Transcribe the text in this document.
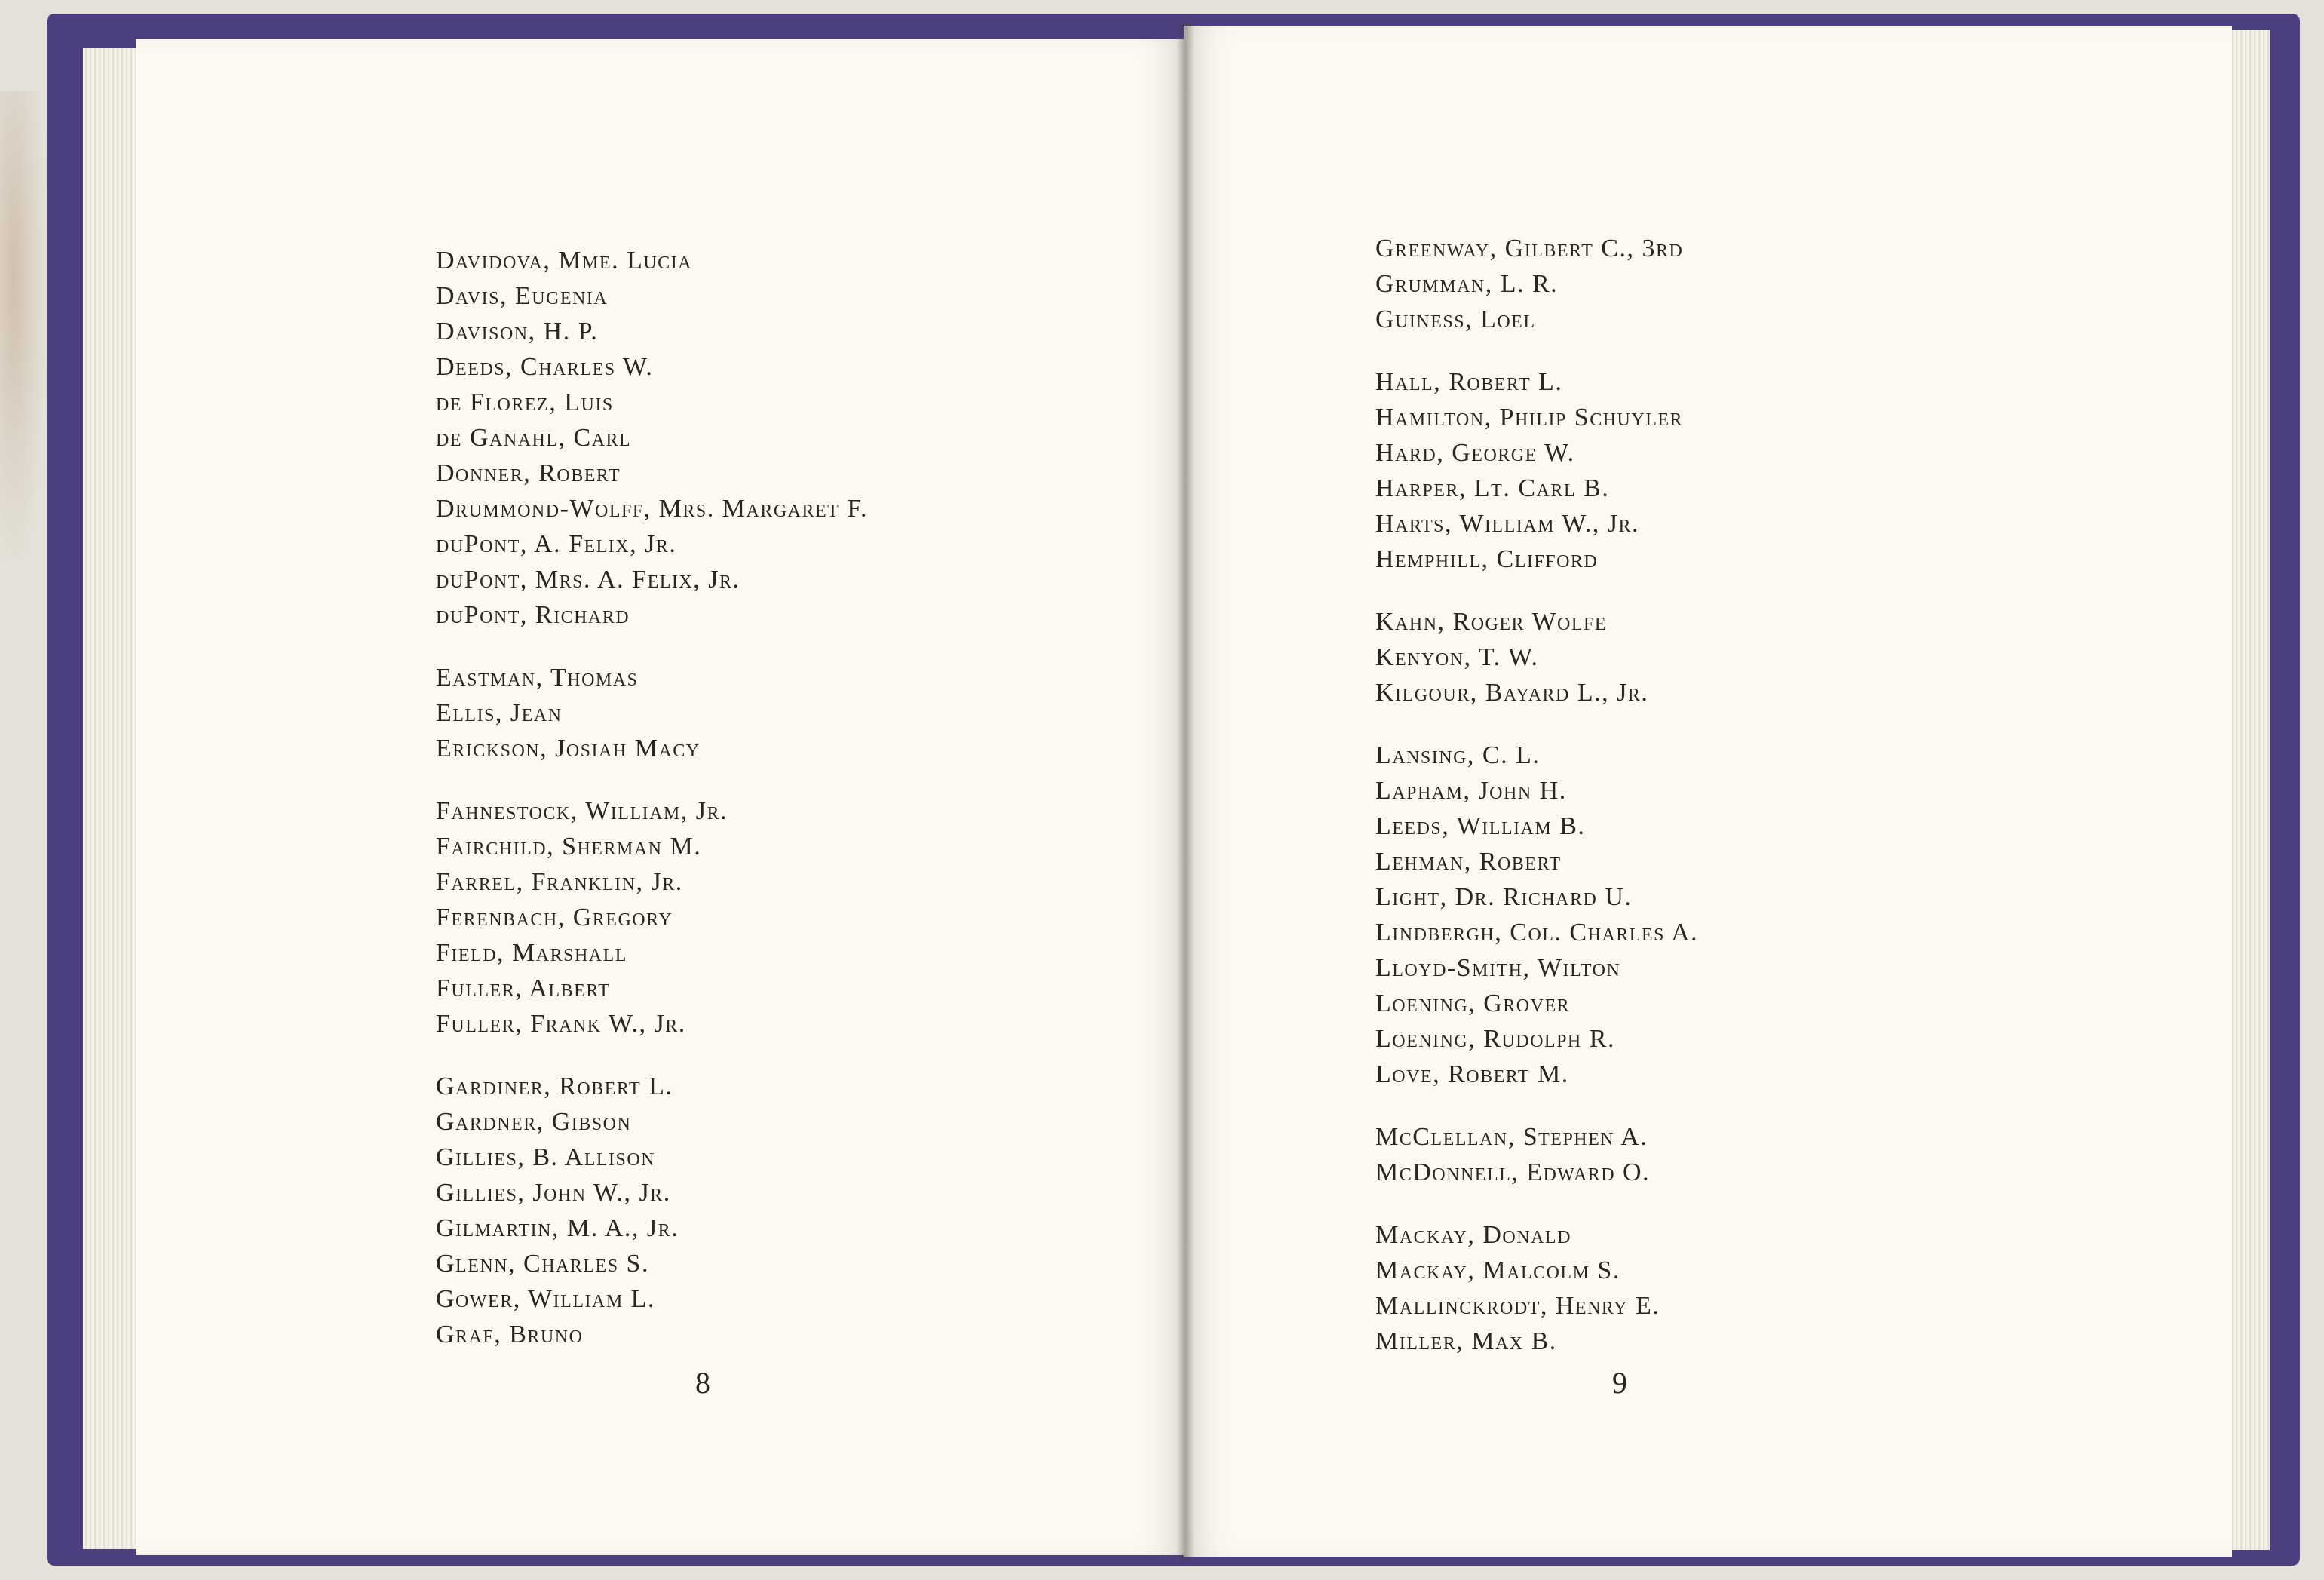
Davidova, Mme. Lucia
Davis, Eugenia
Davison, H. P.
Deeds, Charles W.
de Florez, Luis
de Ganahl, Carl
Donner, Robert
Drummond-Wolff, Mrs. Margaret F.
duPont, A. Felix, Jr.
duPont, Mrs. A. Felix, Jr.
duPont, Richard
Eastman, Thomas
Ellis, Jean
Erickson, Josiah Macy
Fahnestock, William, Jr.
Fairchild, Sherman M.
Farrel, Franklin, Jr.
Ferenbach, Gregory
Field, Marshall
Fuller, Albert
Fuller, Frank W., Jr.
Gardiner, Robert L.
Gardner, Gibson
Gillies, B. Allison
Gillies, John W., Jr.
Gilmartin, M. A., Jr.
Glenn, Charles S.
Gower, William L.
Graf, Bruno
Greenway, Gilbert C., 3rd
Grumman, L. R.
Guiness, Loel
Hall, Robert L.
Hamilton, Philip Schuyler
Hard, George W.
Harper, Lt. Carl B.
Harts, William W., Jr.
Hemphill, Clifford
Kahn, Roger Wolfe
Kenyon, T. W.
Kilgour, Bayard L., Jr.
Lansing, C. L.
Lapham, John H.
Leeds, William B.
Lehman, Robert
Light, Dr. Richard U.
Lindbergh, Col. Charles A.
Lloyd-Smith, Wilton
Loening, Grover
Loening, Rudolph R.
Love, Robert M.
McClellan, Stephen A.
McDonnell, Edward O.
Mackay, Donald
Mackay, Malcolm S.
Mallinckrodt, Henry E.
Miller, Max B.
8	9
